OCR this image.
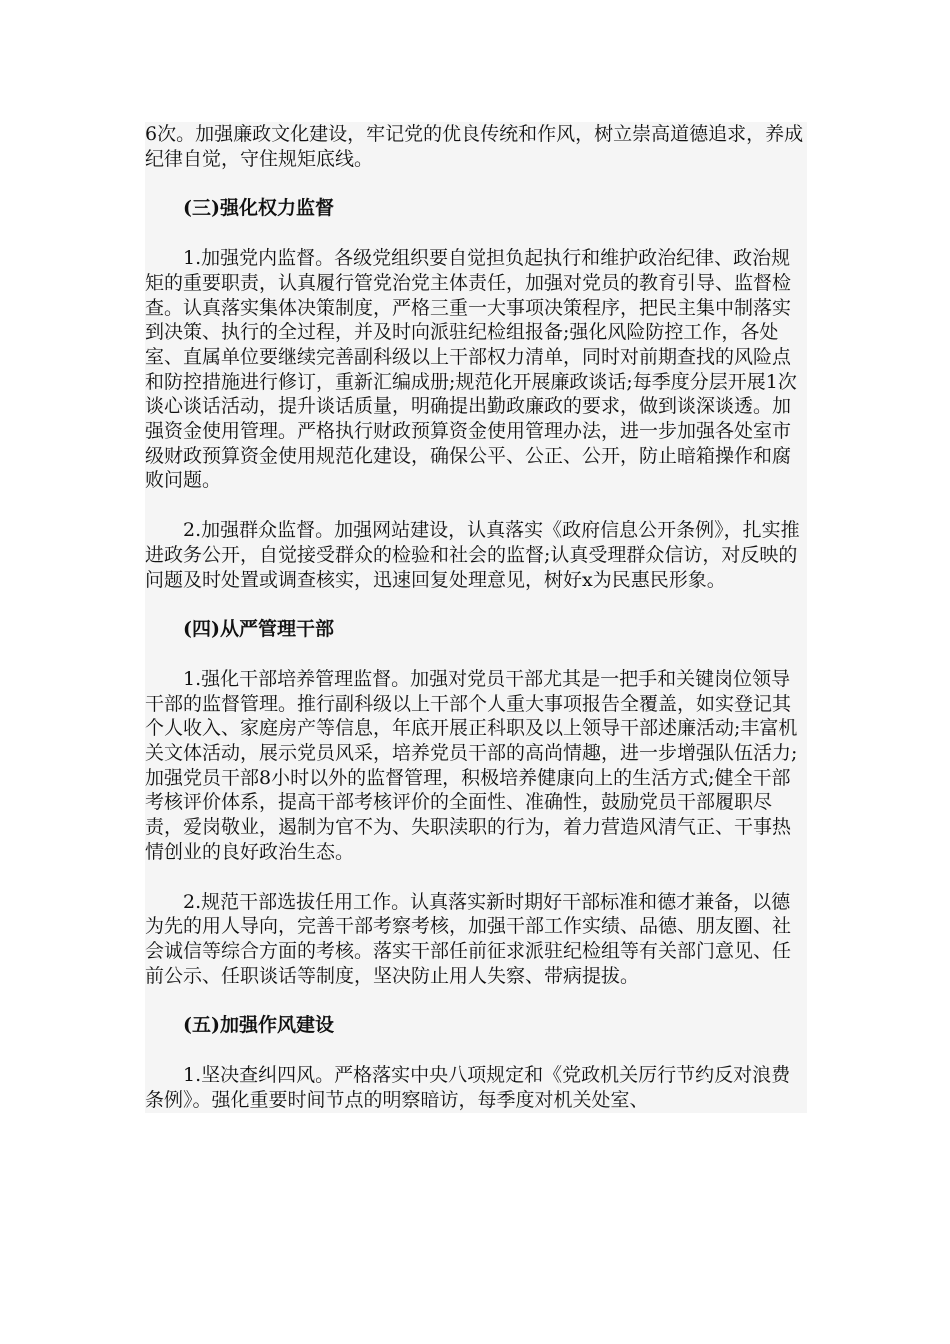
6次。加强廉政文化建设，牢记党的优良传统和作风，树立崇高道德追求，养成纪律自觉，守住规矩底线。

(三)强化权力监督

1.加强党内监督。各级党组织要自觉担负起执行和维护政治纪律、政治规矩的重要职责，认真履行管党治党主体责任，加强对党员的教育引导、监督检查。认真落实集体决策制度，严格三重一大事项决策程序，把民主集中制落实到决策、执行的全过程，并及时向派驻纪检组报备;强化风险防控工作，各处室、直属单位要继续完善副科级以上干部权力清单，同时对前期查找的风险点和防控措施进行修订，重新汇编成册;规范化开展廉政谈话;每季度分层开展1次谈心谈话活动，提升谈话质量，明确提出勤政廉政的要求，做到谈深谈透。加强资金使用管理。严格执行财政预算资金使用管理办法，进一步加强各处室市级财政预算资金使用规范化建设，确保公平、公正、公开，防止暗箱操作和腐败问题。

2.加强群众监督。加强网站建设，认真落实《政府信息公开条例》，扎实推进政务公开，自觉接受群众的检验和社会的监督;认真受理群众信访，对反映的问题及时处置或调查核实，迅速回复处理意见，树好x为民惠民形象。

(四)从严管理干部

1.强化干部培养管理监督。加强对党员干部尤其是一把手和关键岗位领导干部的监督管理。推行副科级以上干部个人重大事项报告全覆盖，如实登记其个人收入、家庭房产等信息，年底开展正科职及以上领导干部述廉活动;丰富机关文体活动，展示党员风采，培养党员干部的高尚情趣，进一步增强队伍活力;加强党员干部8小时以外的监督管理，积极培养健康向上的生活方式;健全干部考核评价体系，提高干部考核评价的全面性、准确性，鼓励党员干部履职尽责，爱岗敬业，遏制为官不为、失职渎职的行为，着力营造风清气正、干事热情创业的良好政治生态。

2.规范干部选拔任用工作。认真落实新时期好干部标准和德才兼备，以德为先的用人导向，完善干部考察考核，加强干部工作实绩、品德、朋友圈、社会诚信等综合方面的考核。落实干部任前征求派驻纪检组等有关部门意见、任前公示、任职谈话等制度，坚决防止用人失察、带病提拔。

(五)加强作风建设

1.坚决查纠四风。严格落实中央八项规定和《党政机关厉行节约反对浪费条例》。强化重要时间节点的明察暗访，每季度对机关处室、
